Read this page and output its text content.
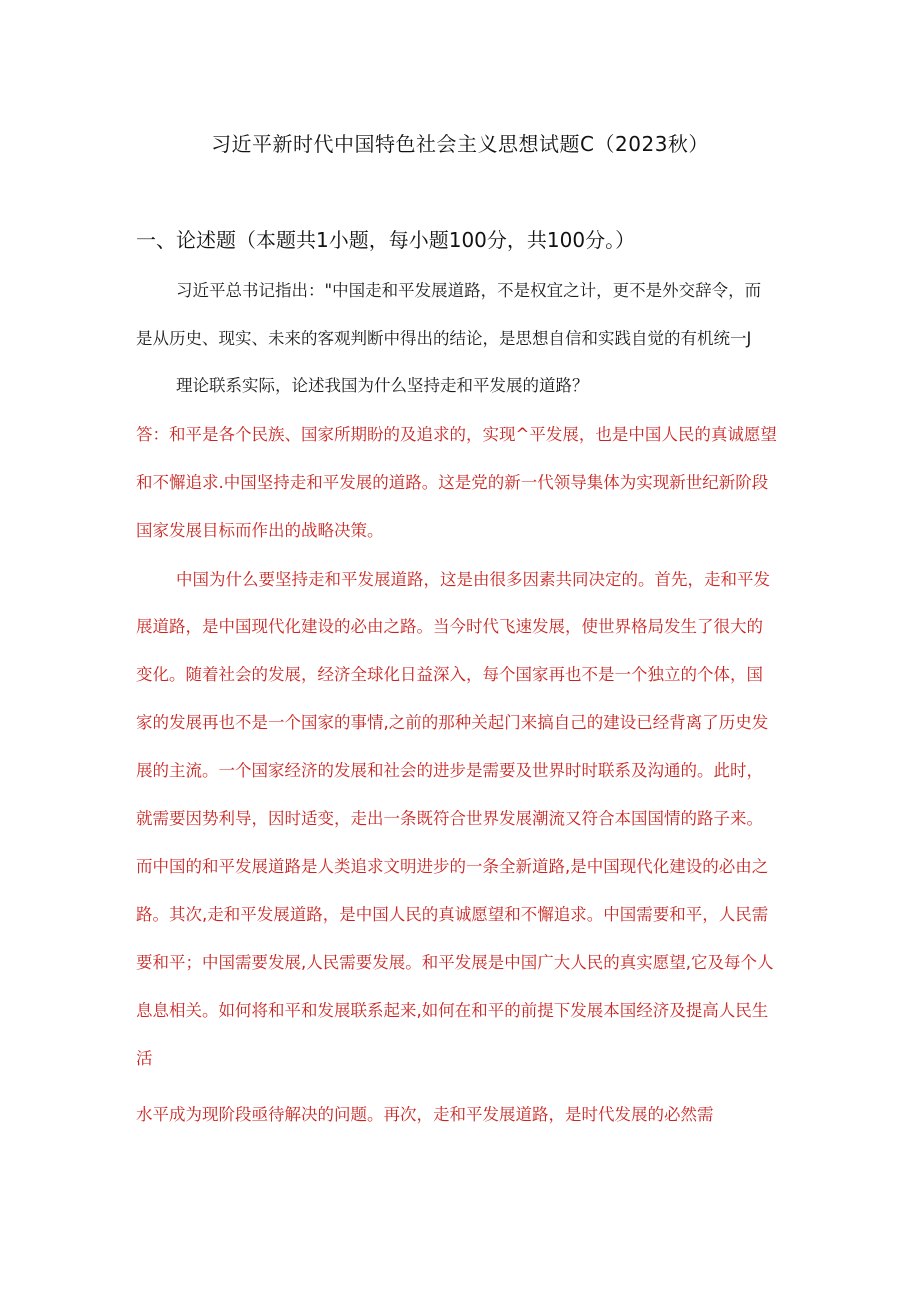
习近平新时代中国特色社会主义思想试题C（2023秋）
一、论述题（本题共1小题，每小题100分，共100分。）
习近平总书记指出："中国走和平发展道路，不是权宜之计，更不是外交辞令，而
是从历史、现实、未来的客观判断中得出的结论，是思想自信和实践自觉的有机统一J
理论联系实际，论述我国为什么坚持走和平发展的道路？
答：和平是各个民族、国家所期盼的及追求的，实现^平发展，也是中国人民的真诚愿望
和不懈追求.中国坚持走和平发展的道路。这是党的新一代领导集体为实现新世纪新阶段
国家发展目标而作出的战略决策。
中国为什么要坚持走和平发展道路，这是由很多因素共同决定的。首先，走和平发
展道路，是中国现代化建设的必由之路。当今时代飞速发展，使世界格局发生了很大的
变化。随着社会的发展，经济全球化日益深入，每个国家再也不是一个独立的个体，国
家的发展再也不是一个国家的事情,之前的那种关起门来搞自己的建设已经背离了历史发
展的主流。一个国家经济的发展和社会的进步是需要及世界时时联系及沟通的。此时，
就需要因势利导，因时适变，走出一条既符合世界发展潮流又符合本国国情的路子来。
而中国的和平发展道路是人类追求文明进步的一条全新道路,是中国现代化建设的必由之
路。其次,走和平发展道路，是中国人民的真诚愿望和不懈追求。中国需要和平，人民需
要和平；中国需要发展,人民需要发展。和平发展是中国广大人民的真实愿望,它及每个人
息息相关。如何将和平和发展联系起来,如何在和平的前提下发展本国经济及提高人民生
活
水平成为现阶段亟待解决的问题。再次，走和平发展道路，是时代发展的必然需
